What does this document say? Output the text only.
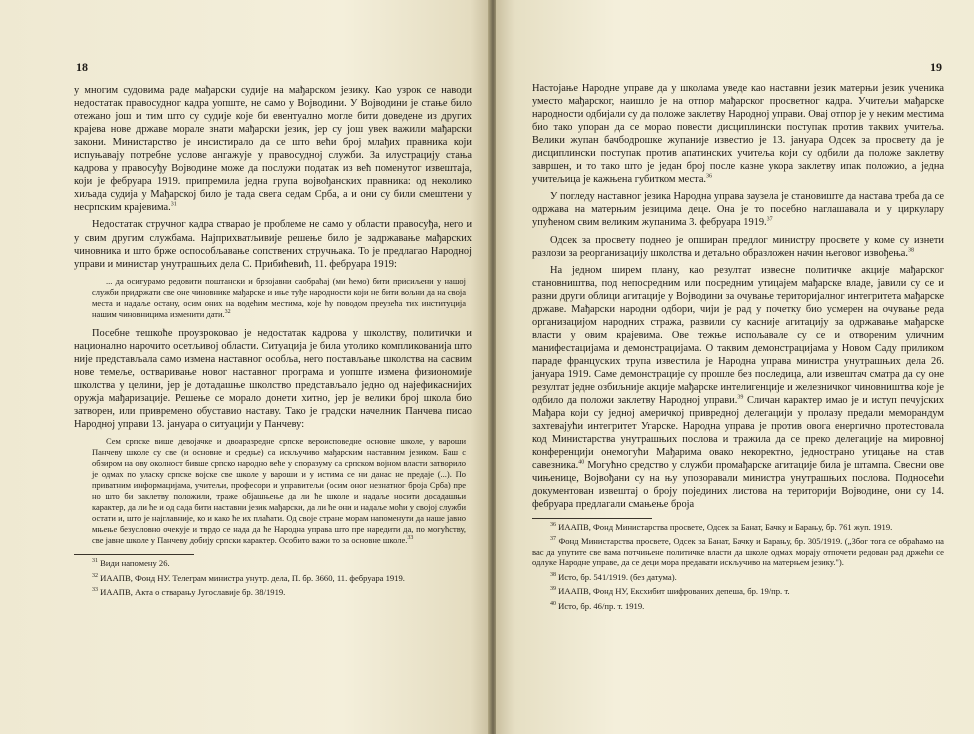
18

у многим судовима раде мађарски судије на мађарском језику. Као узрок се наводи недостатак правосудног кадра уопште, не само у Војводини. У Војводини је стање било отежано још и тим што су судије које би евентуално могле бити доведене из других крајева нове државе морале знати мађарски језик, јер су још увек важили мађарски закони. Министарство је инсистирало да се што већи број млађих правника који испуњавају потребне услове ангажује у правосудној служби. За илустрацију стања кадрова у правосуђу Војводине може да послужи податак из већ поменутог извештаја, који је фебруара 1919. припремила једна група војвођанских правника: од неколико хиљада судија у Мађарској било је тада свега седам Срба, а и они су били смештени у несрпским крајевима.$^{31}$

Недостатак стручног кадра стварао је проблеме не само у области правосуђа, него и у свим другим службама. Најприхватљивије решење било је задржавање мађарских чиновника и што брже оспособљавање сопствених стручњака. То је предлагао Народној управи и министар унутрашњих дела С. Прибићевић, 11. фебруара 1919:

... да осигурамо редовити поштански и брзојавни саобраћај (ми ћемо) бити присиљени у нашој служби придржати све оне чиновнике мађарске и иње туђе народности који не бити вољни да на своја места и надаље остану, осим оних на водећим местима, које ћу поводом преузећа тих институција нашим чиновницима изменити дати.$^{32}$

Посебне тешкоће проузроковао је недостатак кадрова у школству, политички и национално нарочито осетљивој области. Ситуација је била утолико компликованија што није представљала само измена наставног особља, него постављање школства на сасвим нове темеље, остваривање новог наставног програма и уопште измена физиономије школства у целини, јер је дотадашње школство представљало једно од најефикаснијих оружја мађаризације. Решење се морало донети хитно, јер је велики број школа био затворен, или привремено обуставио наставу. Тако је градски начелник Панчева писао Народној управи 13. јануара о ситуацији у Панчеву:

Сем српске више девојачке и двоаразредне српске вероисповедне основне школе, у вароши Панчеву школе су све (и основне и средње) са искључиво мађарским наставним језиком. Баш с обзиром на ову околност бивше српско народно веће у споразуму са српском војном власти затворило је одмах по уласку српске војске све школе у вароши и у истима се ни данас не предаје (...). По приватним информацијама, учитељи, професори и управитељи (осим оног незнатног броја Срба) пре но што би заклетву положили, траже објашњење да ли ће школе и надаље носити досадашњи карактер, да ли ће и од сада бити наставни језик мађарски, да ли ће они и надаље моћи у својој служби остати и, што је најглавније, ко и како ће их плаћати. Од своје стране морам напоменути да наше јавно мњење безусловно очекује и тврдо се нада да ће Народна управа што пре наредити да, по могућству, све јавне школе у Панчеву добију српски карактер. Особито важи то за основне школе.$^{33}$

$^{31}$ Види напомену 26.

$^{32}$ ИААПВ, Фонд НУ. Телеграм министра унутр. дела, П. бр. 3660, 11. фебруара 1919.

$^{33}$ ИААПВ, Акта о стварању Југославије бр. 38/1919.

19

Настојање Народне управе да у школама уведе као наставни језик матерњи језик ученика уместо мађарског, наишло је на отпор мађарског просветног кадра. Учитељи мађарске народности одбијали су да положе заклетву Народној управи. Овај отпор је у неким местима био тако упоран да се морао повести дисциплински поступак против таквих учитеља. Велики жупан бачбодрошке жупаније известио је 13. јануара Одсек за просвету да је дисциплински поступак против апатинских учитеља који су одбили да положе заклетву завршен, и то тако што је један број после казне укора заклетву ипак положио, а једна учитељица је кажњена губитком места.$^{36}$

У погледу наставног језика Народна управа заузела је становиште да настава треба да се одржава на матерњим језицима деце. Она је то посебно наглашавала и у циркулару упућеном свим великим жупанима 3. фебруара 1919.37

Одсек за просвету поднео је опширан предлог министру просвете у коме су изнети разлози за реорганизацију школства и детаљно образложен начин његовог извођења.$^{38}$

На једном ширем плану, као резултат извесне политичке акције мађарског становништва, под непосредним или посредним утицајем мађарске владе, јавили су се и разни други облици агитације у Војводини за очување територијалног интегритета мађарске државе. Мађарски народни одбори, чији је рад у почетку био усмерен на очување реда организацијом народних стража, развили су касније агитацију за одржавање мађарске власти у овим крајевима. Ове тежње испољавале су се и отвореним уличним манифестацијама и демонстрацијама. О таквим демонстрацијама у Новом Саду приликом параде француских трупа известила је Народна управа министра унутрашњих дела 26. јануара 1919. Саме демонстрације су прошле без последица, али извештач сматра да су оне резултат једне озбиљније акције мађарске интелигенције и железничког чиновништва које је одбило да положи заклетву Народној управи.$^{39}$ Сличан карактер имао је и иступ печујских Мађара који су једној америчкој привредној делегацији у пролазу предали меморандум захтевајући интегритет Угарске. Народна управа је против овога енергично протестовала код Министарства унутрашњих послова и тражила да се преко делегације на мировној конференцији онемогући Мађарима овако некоректно, једнострано утицање на став савезника.$^{40}$ Могућно средство у служби промађарске агитације била је штампа. Свесни ове чињенице, Војвођани су на њу упозоравали министра унутрашњих послова. Подносећи документован извештај о броју појединих листова на територији Војводине, они су 14. фебруара предлагали смањење броја

$^{36}$ ИААПВ, Фонд Министарства просвете, Одсек за Банат, Бачку и Барању, бр. 761 жуп. 1919.

$^{37}$ Фонд Министарства просвете, Одсек за Банат, Бачку и Барању, бр. 305/1919. („Због тога се обраћамо на вас да упутите све вама потчињене политичке власти да школе одмах морају отпочети редован рад држећи се одлуке Народне управе, да се деци мора предавати искључиво на матерњем језику.").

$^{38}$ Исто, бр. 541/1919. (без датума).

$^{39}$ ИААПВ, Фонд НУ, Ексхибит шифрованих депеша, бр. 19/пр. т.

$^{40}$ Исто, бр. 46/пр. т. 1919.
